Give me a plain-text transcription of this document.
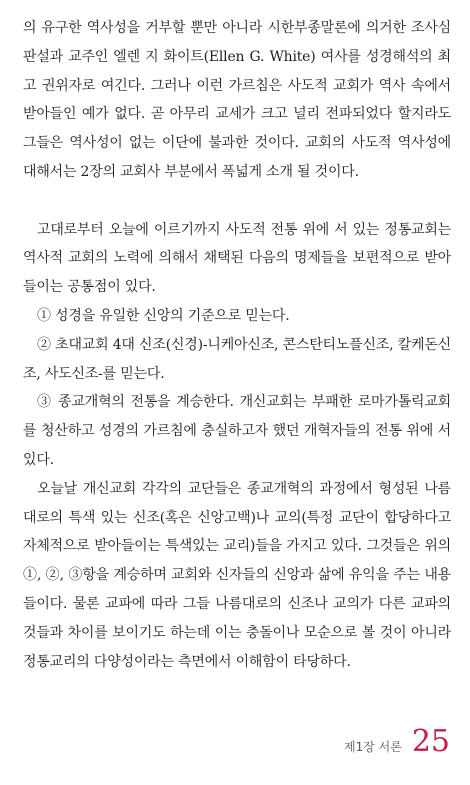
의 유구한 역사성을 거부할 뿐만 아니라 시한부종말론에 의거한 조사심판설과 교주인 엘렌 지 화이트(Ellen G. White) 여사를 성경해석의 최고 권위자로 여긴다. 그러나 이런 가르침은 사도적 교회가 역사 속에서 받아들인 예가 없다. 곧 아무리 교세가 크고 널리 전파되었다 할지라도 그들은 역사성이 없는 이단에 불과한 것이다. 교회의 사도적 역사성에 대해서는 2장의 교회사 부분에서 폭넓게 소개 될 것이다.

고대로부터 오늘에 이르기까지 사도적 전통 위에 서 있는 정통교회는 역사적 교회의 노력에 의해서 채택된 다음의 명제들을 보편적으로 받아들이는 공통점이 있다.

① 성경을 유일한 신앙의 기준으로 믿는다.

② 초대교회 4대 신조(신경)-니케아신조, 콘스탄티노플신조, 칼케돈신조, 사도신조-를 믿는다.

③ 종교개혁의 전통을 계승한다. 개신교회는 부패한 로마가톨릭교회를 청산하고 성경의 가르침에 충실하고자 했던 개혁자들의 전통 위에 서 있다.

오늘날 개신교회 각각의 교단들은 종교개혁의 과정에서 형성된 나름대로의 특색 있는 신조(혹은 신앙고백)나 교의(특정 교단이 합당하다고 자체적으로 받아들이는 특색있는 교리)들을 가지고 있다. 그것들은 위의 ①, ②, ③항을 계승하며 교회와 신자들의 신앙과 삶에 유익을 주는 내용들이다. 물론 교파에 따라 그들 나름대로의 신조나 교의가 다른 교파의 것들과 차이를 보이기도 하는데 이는 충돌이나 모순으로 볼 것이 아니라 정통교리의 다양성이라는 측면에서 이해함이 타당하다.

제1장 서론 25
